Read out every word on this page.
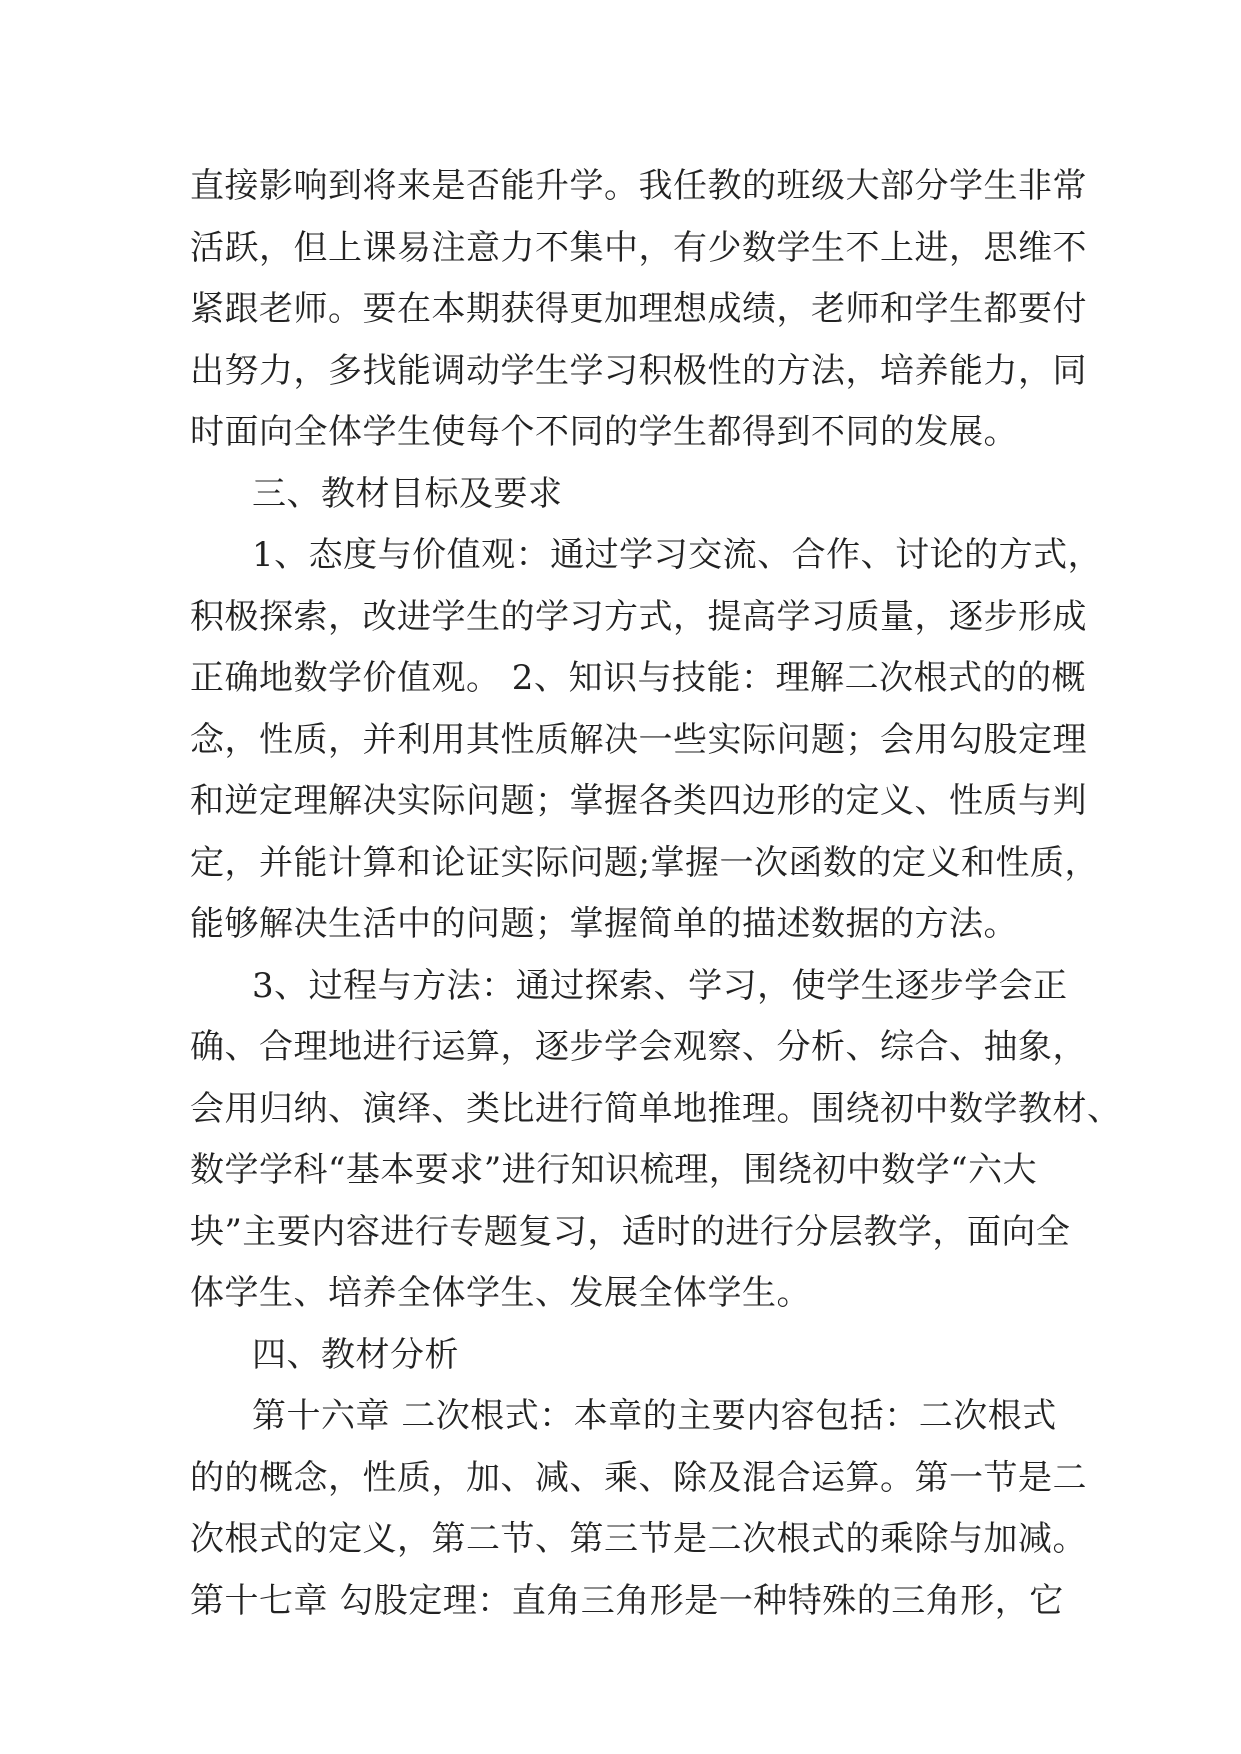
直接影响到将来是否能升学。我任教的班级大部分学生非常
活跃，但上课易注意力不集中，有少数学生不上进，思维不
紧跟老师。要在本期获得更加理想成绩，老师和学生都要付
出努力，多找能调动学生学习积极性的方法，培养能力，同
时面向全体学生使每个不同的学生都得到不同的发展。
三、教材目标及要求
1、态度与价值观：通过学习交流、合作、讨论的方式，
积极探索，改进学生的学习方式，提高学习质量，逐步形成
正确地数学价值观。 2、知识与技能：理解二次根式的的概
念，性质，并利用其性质解决一些实际问题；会用勾股定理
和逆定理解决实际问题；掌握各类四边形的定义、性质与判
定，并能计算和论证实际问题;掌握一次函数的定义和性质，
能够解决生活中的问题；掌握简单的描述数据的方法。
3、过程与方法：通过探索、学习，使学生逐步学会正
确、合理地进行运算，逐步学会观察、分析、综合、抽象，
会用归纳、演绎、类比进行简单地推理。围绕初中数学教材、
数学学科“基本要求”进行知识梳理，围绕初中数学“六大
块”主要内容进行专题复习，适时的进行分层教学，面向全
体学生、培养全体学生、发展全体学生。
四、教材分析
第十六章 二次根式：本章的主要内容包括：二次根式
的的概念，性质，加、减、乘、除及混合运算。第一节是二
次根式的定义，第二节、第三节是二次根式的乘除与加减。
第十七章 勾股定理：直角三角形是一种特殊的三角形，它
